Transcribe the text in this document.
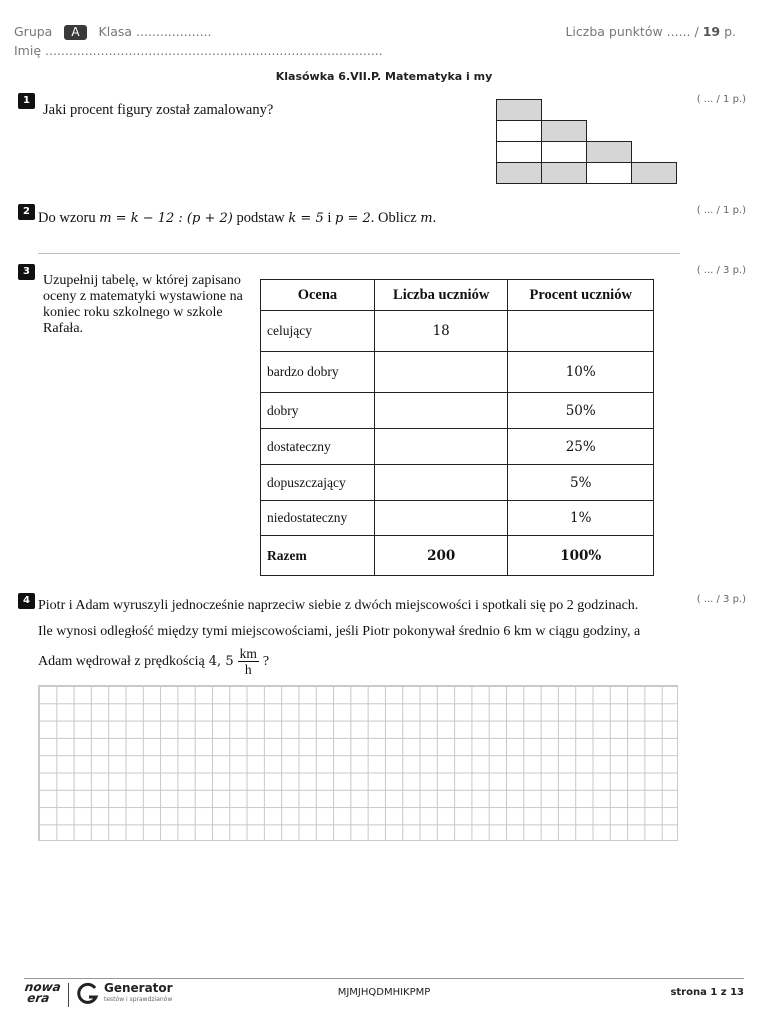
Grupa A Klasa ...................	Liczba punktów ...... / 19 p.
Imię .....................................................................................
Klasówka 6.VII.P. Matematyka i my
1	( ... / 1 p.)
Jaki procent figury został zamalowany?
2	( ... / 1 p.)
Do wzoru m = k − 12 : (p + 2) podstaw k = 5 i p = 2. Oblicz m.
3	( ... / 3 p.)
Uzupełnij tabelę, w której zapisano oceny z matematyki wystawione na koniec roku szkolnego w szkole Rafała.
Ocena	Liczba uczniów	Procent uczniów
celujący	18	
bardzo dobry		10%
dobry		50%
dostateczny		25%
dopuszczający		5%
niedostateczny		1%
Razem	200	100%
4	( ... / 3 p.)
Piotr i Adam wyruszyli jednocześnie naprzeciw siebie z dwóch miejscowości i spotkali się po 2 godzinach.
Ile wynosi odległość między tymi miejscowościami, jeśli Piotr pokonywał średnio 6 km w ciągu godziny, a
Adam wędrował z prędkością 4, $5 \frac{km}{h}$ ?
nowa
era
Generator
testów i sprawdzianów
MJMJHQDMHIKPMP	strona 1 z 13
